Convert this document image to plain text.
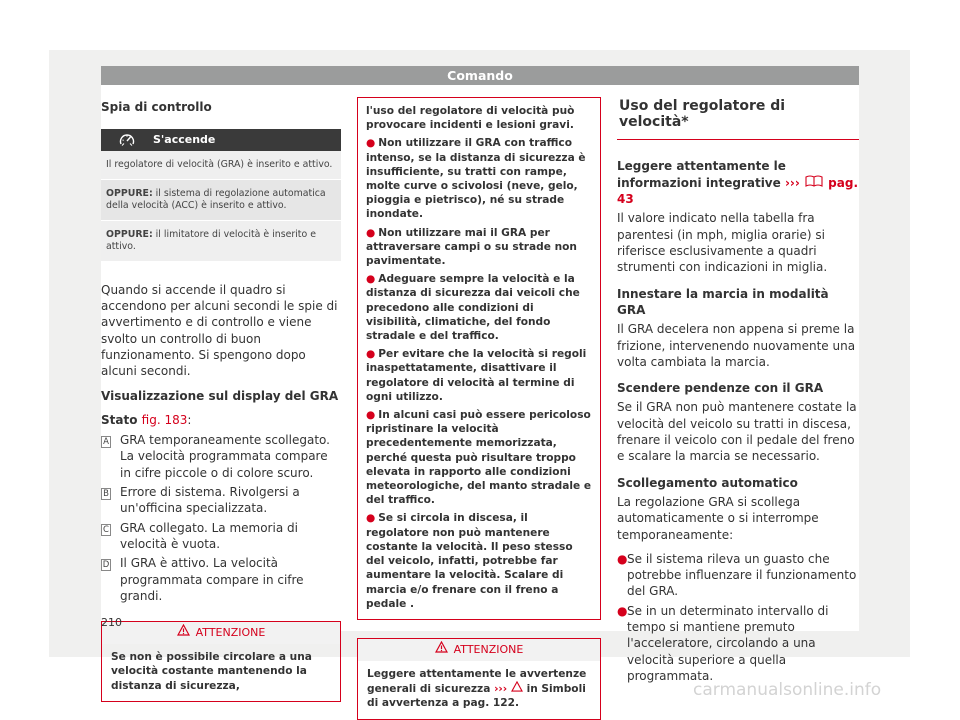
Comando
Spia di controllo
S'accende
Il regolatore di velocità (GRA) è inserito e attivo.
OPPURE: il sistema di regolazione automatica della velocità (ACC) è inserito e attivo.
OPPURE: il limitatore di velocità è inserito e attivo.

Quando si accende il quadro si accendono per alcuni secondi le spie di avvertimento e di controllo e viene svolto un controllo di buon funzionamento. Si spengono dopo alcuni secondi.

Visualizzazione sul display del GRA

Stato fig. 183:

A GRA temporaneamente scollegato. La velocità programmata compare in cifre piccole o di colore scuro.
B Errore di sistema. Rivolgersi a un'officina specializzata.
C GRA collegato. La memoria di velocità è vuota.
D Il GRA è attivo. La velocità programmata compare in cifre grandi.
ATTENZIONE
Se non è possibile circolare a una velocità costante mantenendo la distanza di sicurezza,

l'uso del regolatore di velocità può provocare incidenti e lesioni gravi.

● Non utilizzare il GRA con traffico intenso, se la distanza di sicurezza è insufficiente, su tratti con rampe, molte curve o scivolosi (neve, gelo, pioggia e pietrisco), né su strade inondate.

● Non utilizzare mai il GRA per attraversare campi o su strade non pavimentate.

● Adeguare sempre la velocità e la distanza di sicurezza dai veicoli che precedono alle condizioni di visibilità, climatiche, del fondo stradale e del traffico.

● Per evitare che la velocità si regoli inaspettatamente, disattivare il regolatore di velocità al termine di ogni utilizzo.

● In alcuni casi può essere pericoloso ripristinare la velocità precedentemente memorizzata, perché questa può risultare troppo elevata in rapporto alle condizioni meteorologiche, del manto stradale e del traffico.

● Se si circola in discesa, il regolatore non può mantenere costante la velocità. Il peso stesso del veicolo, infatti, potrebbe far aumentare la velocità. Scalare di marcia e/o frenare con il freno a pedale .

ATTENZIONE
Leggere attentamente le avvertenze generali di sicurezza ›››  in Simboli di avvertenza a pag. 122.
Uso del regolatore di velocità*

Leggere attentamente le informazioni integrative ››› pag. 43

Il valore indicato nella tabella fra parentesi (in mph, miglia orarie) si riferisce esclusivamente a quadri strumenti con indicazioni in miglia.

Innestare la marcia in modalità GRA

Il GRA decelera non appena si preme la frizione, intervenendo nuovamente una volta cambiata la marcia.

Scendere pendenze con il GRA

Se il GRA non può mantenere costate la velocità del veicolo su tratti in discesa, frenare il veicolo con il pedale del freno e scalare la marcia se necessario.

Scollegamento automatico

La regolazione GRA si scollega automaticamente o si interrompe temporaneamente:

● Se il sistema rileva un guasto che potrebbe influenzare il funzionamento del GRA.
● Se in un determinato intervallo di tempo si mantiene premuto l'acceleratore, circolando a una velocità superiore a quella programmata.
210
carmanualsonline.info
